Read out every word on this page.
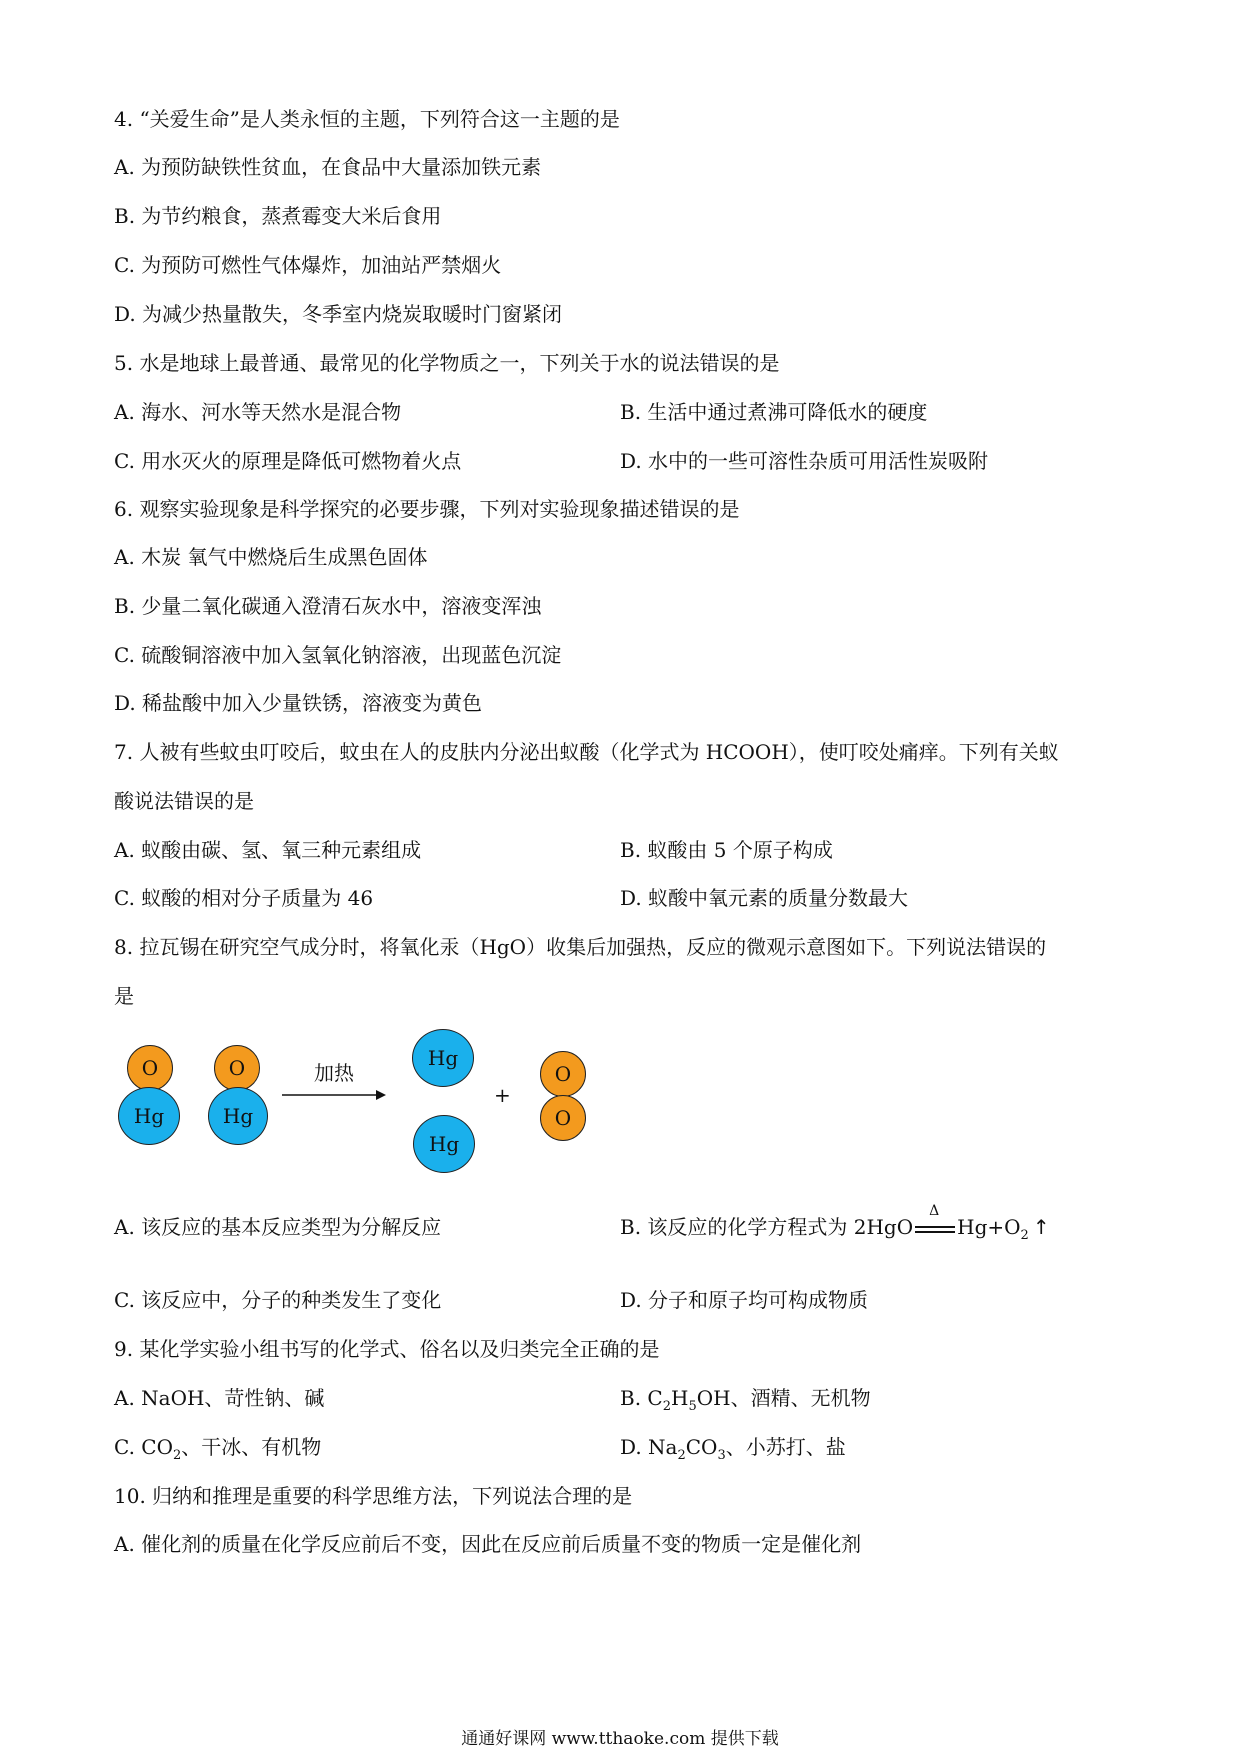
4. “关爱生命”是人类永恒的主题，下列符合这一主题的是
A. 为预防缺铁性贫血，在食品中大量添加铁元素
B. 为节约粮食，蒸煮霉变大米后食用
C. 为预防可燃性气体爆炸，加油站严禁烟火
D. 为减少热量散失，冬季室内烧炭取暖时门窗紧闭
5. 水是地球上最普通、最常见的化学物质之一，下列关于水的说法错误的是
A. 海水、河水等天然水是混合物	B. 生活中通过煮沸可降低水的硬度
C. 用水灭火的原理是降低可燃物着火点	D. 水中的一些可溶性杂质可用活性炭吸附
6. 观察实验现象是科学探究的必要步骤，下列对实验现象描述错误的是
A. 木炭 氧气中燃烧后生成黑色固体
B. 少量二氧化碳通入澄清石灰水中，溶液变浑浊
C. 硫酸铜溶液中加入氢氧化钠溶液，出现蓝色沉淀
D. 稀盐酸中加入少量铁锈，溶液变为黄色
7. 人被有些蚊虫叮咬后，蚊虫在人的皮肤内分泌出蚁酸（化学式为 HCOOH），使叮咬处痛痒。下列有关蚁
酸说法错误的是
A. 蚁酸由碳、氢、氧三种元素组成	B. 蚁酸由 5 个原子构成
C. 蚁酸的相对分子质量为 46	D. 蚁酸中氧元素的质量分数最大
8. 拉瓦锡在研究空气成分时，将氧化汞（HgO）收集后加强热，反应的微观示意图如下。下列说法错误的
是
O
Hg
O
Hg
加热
Hg
Hg
+
O
O
A. 该反应的基本反应类型为分解反应	B. 该反应的化学方程式为 2HgO
Δ
$Hg+O_2$ ↑
C. 该反应中，分子的种类发生了变化	D. 分子和原子均可构成物质
9. 某化学实验小组书写的化学式、俗名以及归类完全正确的是
A. NaOH、苛性钠、碱	B. $C_2H_5OH$、酒精、无机物
C. $CO_2$、干冰、有机物	D. $Na_2CO_3$、小苏打、盐
10. 归纳和推理是重要的科学思维方法，下列说法合理的是
A. 催化剂的质量在化学反应前后不变，因此在反应前后质量不变的物质一定是催化剂
通通好课网 www.tthaoke.com 提供下载
